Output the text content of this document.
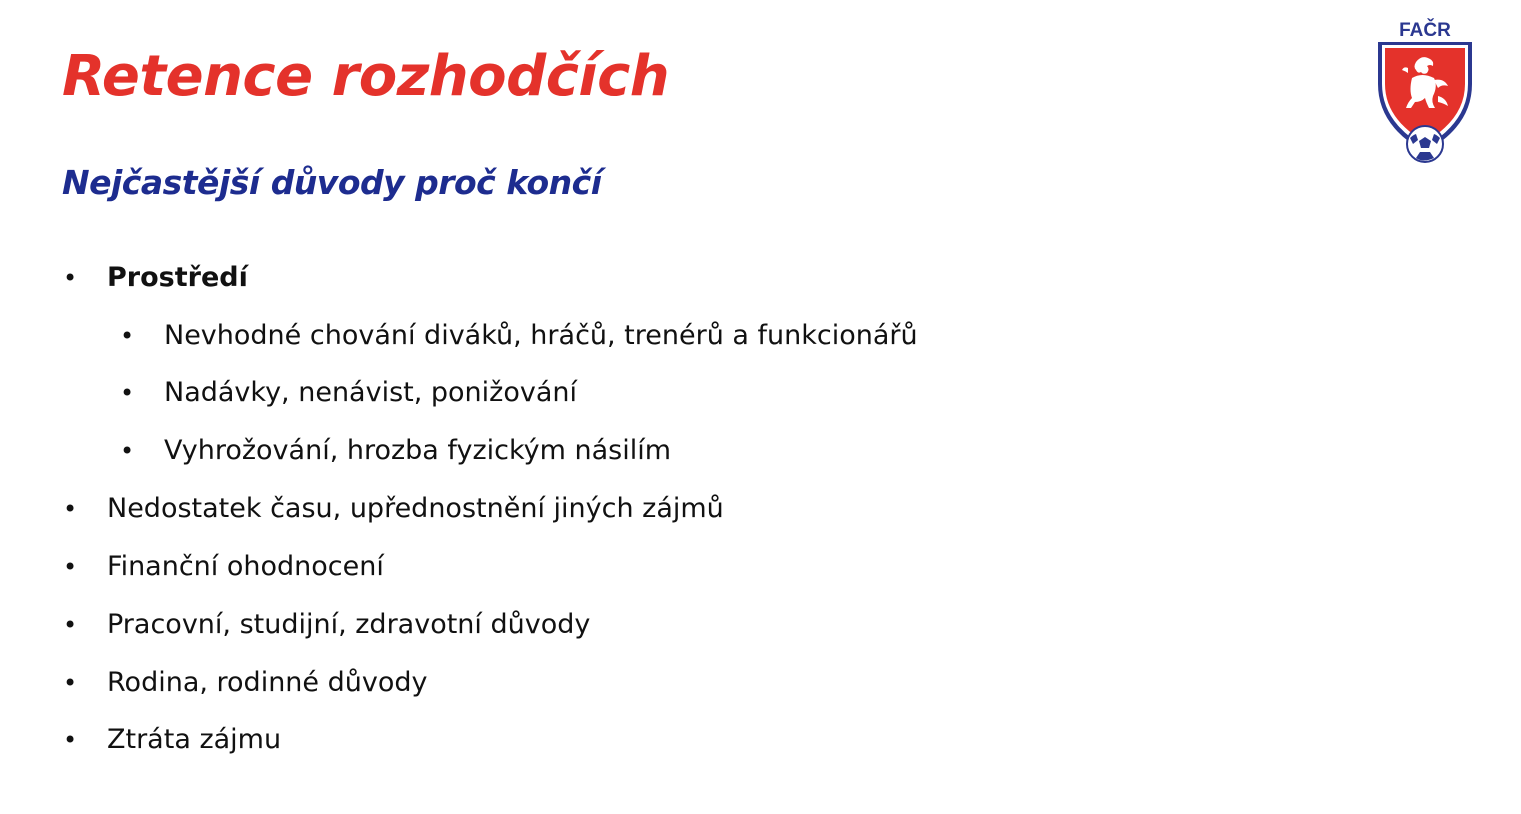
Retence rozhodčích
Nejčastější důvody proč končí
FAČR
• Prostředí
• Nevhodné chování diváků, hráčů, trenérů a funkcionářů
• Nadávky, nenávist, ponižování
• Vyhrožování, hrozba fyzickým násilím
• Nedostatek času, upřednostnění jiných zájmů
• Finanční ohodnocení
• Pracovní, studijní, zdravotní důvody
• Rodina, rodinné důvody
• Ztráta zájmu
